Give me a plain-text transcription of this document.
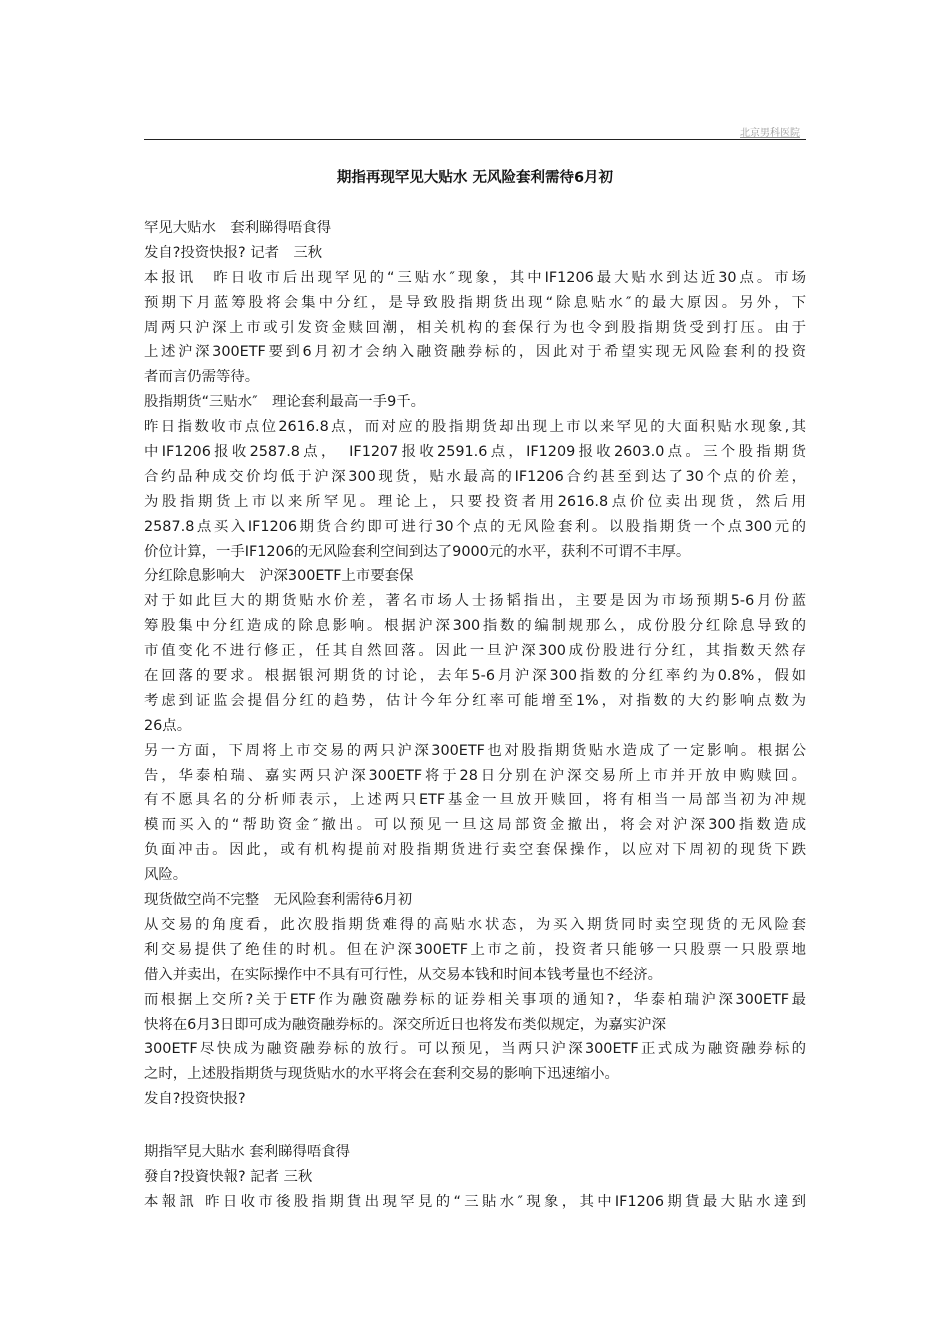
北京男科医院
期指再现罕见大贴水 无风险套利需待6月初
罕见大贴水　套利睇得唔食得
发自?投资快报? 记者　三秋
本报讯　昨日收市后出现罕见的“三贴水″现象，其中IF1206最大贴水到达近30点。市场
预期下月蓝筹股将会集中分红，是导致股指期货出现“除息贴水″的最大原因。另外，下
周两只沪深上市或引发资金赎回潮，相关机构的套保行为也令到股指期货受到打压。由于
上述沪深300ETF要到6月初才会纳入融资融券标的，因此对于希望实现无风险套利的投资
者而言仍需等待。
股指期货“三贴水″　理论套利最高一手9千。
昨日指数收市点位2616.8点，而对应的股指期货却出现上市以来罕见的大面积贴水现象,其
中IF1206报收2587.8点，　IF1207报收2591.6点，IF1209报收2603.0点。三个股指期货
合约品种成交价均低于沪深300现货，贴水最高的IF1206合约甚至到达了30个点的价差，
为股指期货上市以来所罕见。理论上，只要投资者用2616.8点价位卖出现货，然后用
2587.8点买入IF1206期货合约即可进行30个点的无风险套利。以股指期货一个点300元的
价位计算，一手IF1206的无风险套利空间到达了9000元的水平，获利不可谓不丰厚。
分红除息影响大　沪深300ETF上市要套保
对于如此巨大的期货贴水价差，著名市场人士扬韬指出，主要是因为市场预期5-6月份蓝
筹股集中分红造成的除息影响。根据沪深300指数的编制规那么，成份股分红除息导致的
市值变化不进行修正，任其自然回落。因此一旦沪深300成份股进行分红，其指数天然存
在回落的要求。根据银河期货的讨论，去年5-6月沪深300指数的分红率约为0.8%，假如
考虑到证监会提倡分红的趋势，估计今年分红率可能增至1%，对指数的大约影响点数为
26点。
另一方面，下周将上市交易的两只沪深300ETF也对股指期货贴水造成了一定影响。根据公
告，华泰柏瑞、嘉实两只沪深300ETF将于28日分别在沪深交易所上市并开放申购赎回。
有不愿具名的分析师表示，上述两只ETF基金一旦放开赎回，将有相当一局部当初为冲规
模而买入的“帮助资金″撤出。可以预见一旦这局部资金撤出，将会对沪深300指数造成
负面冲击。因此，或有机构提前对股指期货进行卖空套保操作，以应对下周初的现货下跌
风险。
现货做空尚不完整　无风险套利需待6月初
从交易的角度看，此次股指期货难得的高贴水状态，为买入期货同时卖空现货的无风险套
利交易提供了绝佳的时机。但在沪深300ETF上市之前，投资者只能够一只股票一只股票地
借入并卖出，在实际操作中不具有可行性，从交易本钱和时间本钱考量也不经济。
而根据上交所?关于ETF作为融资融券标的证券相关事项的通知?，华泰柏瑞沪深300ETF最
快将在6月3日即可成为融资融券标的。深交所近日也将发布类似规定，为嘉实沪深
300ETF尽快成为融资融券标的放行。可以预见，当两只沪深300ETF正式成为融资融券标的
之时，上述股指期货与现货贴水的水平将会在套利交易的影响下迅速缩小。
发自?投资快报?
期指罕見大貼水 套利睇得唔食得
發自?投資快報? 記者 三秋
本報訊 昨日收市後股指期貨出現罕見的“三貼水″現象，其中IF1206期貨最大貼水達到
